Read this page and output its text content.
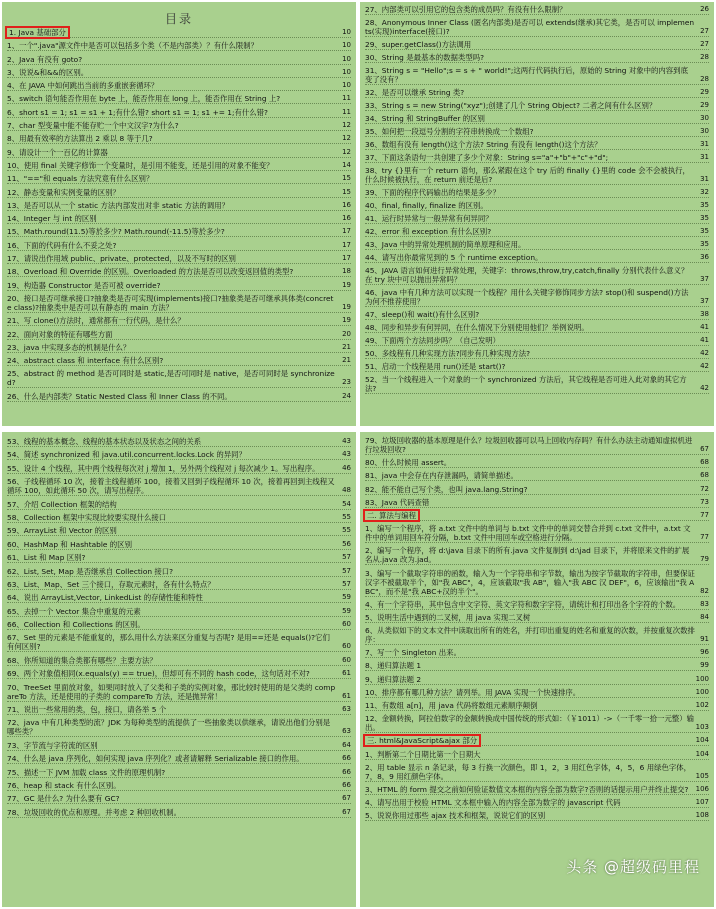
目录
1. Java 基础部分	10
1、一个".java"源文件中是否可以包括多个类（不是内部类）？有什么限制？	10
2、Java 有没有 goto?	10
3、说说&和&&的区别。	10
4、在 JAVA 中如何跳出当前的多重嵌套循环？	10
5、switch 语句能否作用在 byte 上，能否作用在 long 上，能否作用在 String 上?	11
6、short s1 = 1; s1 = s1 + 1;有什么错? short s1 = 1; s1 += 1;有什么错?	11
7、char 型变量中能不能存贮一个中文汉字?为什么?	12
8、用最有效率的方法算出 2 乘以 8 等于几?	12
9、请设计一个一百亿的计算器	12
10、使用 final 关键字修饰一个变量时，是引用不能变，还是引用的对象不能变？	14
11、"=="和 equals 方法究竟有什么区别？	15
12、静态变量和实例变量的区别？	15
13、是否可以从一个 static 方法内部发出对非 static 方法的调用？	16
14、Integer 与 int 的区别	16
15、Math.round(11.5)等於多少? Math.round(-11.5)等於多少?	17
16、下面的代码有什么不妥之处?	17
17、请说出作用域 public、private、protected，以及不写时的区别	17
18、Overload 和 Override 的区别。Overloaded 的方法是否可以改变返回值的类型?	18
19、构造器 Constructor 是否可被 override?	19
20、接口是否可继承接口?抽象类是否可实现(implements)接口?抽象类是否可继承具体类(concrete class)?抽象类中是否可以有静态的 main 方法？	19
21、写 clone()方法时，通常都有一行代码，是什么？	19
22、面向对象的特征有哪些方面	20
23、java 中实现多态的机制是什么？	21
24、abstract class 和 interface 有什么区别?	21
25、abstract 的 method 是否可同时是 static,是否可同时是 native，是否可同时是 synchronized?	23
26、什么是内部类？Static Nested Class 和 Inner Class 的不同。	24
27、内部类可以引用它的包含类的成员吗？有没有什么限制？	26
28、Anonymous Inner Class (匿名内部类)是否可以 extends(继承)其它类，是否可以 implements(实现)interface(接口)?	27
29、super.getClass()方法调用	27
30、String 是最基本的数据类型吗?	28
31、String s = "Hello";s = s + " world!";这两行代码执行后，原始的 String 对象中的内容到底变了没有？	28
32、是否可以继承 String 类?	29
33、String s = new String("xyz");创建了几个 String Object? 二者之间有什么区别？	29
34、String 和 StringBuffer 的区别	30
35、如何把一段逗号分割的字符串转换成一个数组?	30
36、数组有没有 length()这个方法? String 有没有 length()这个方法？	31
37、下面这条语句一共创建了多少个对象：String s="a"+"b"+"c"+"d";	31
38、try {}里有一个 return 语句，那么紧跟在这个 try 后的 finally {}里的 code 会不会被执行，什么时候被执行，在 return 前还是后?	31
39、下面的程序代码输出的结果是多少？	32
40、final, finally, finalize 的区别。	35
41、运行时异常与一般异常有何异同？	35
42、error 和 exception 有什么区别?	35
43、Java 中的异常处理机制的简单原理和应用。	35
44、请写出你最常见到的 5 个 runtime exception。	36
45、JAVA 语言如何进行异常处理，关键字：throws,throw,try,catch,finally 分别代表什么意义？在 try 块中可以抛出异常吗？	37
46、java 中有几种方法可以实现一个线程？用什么关键字修饰同步方法? stop()和 suspend()方法为何不推荐使用？	37
47、sleep()和 wait()有什么区别?	38
48、同步和异步有何异同，在什么情况下分别使用他们？举例说明。	41
49、下面两个方法同步吗？（自己发明）	41
50、多线程有几种实现方法?同步有几种实现方法?	42
51、启动一个线程是用 run()还是 start()?	42
52、当一个线程进入一个对象的一个 synchronized 方法后，其它线程是否可进入此对象的其它方法?	42
53、线程的基本概念、线程的基本状态以及状态之间的关系	43
54、简述 synchronized 和 java.util.concurrent.locks.Lock 的异同？	43
55、设计 4 个线程，其中两个线程每次对 j 增加 1，另外两个线程对 j 每次减少 1。写出程序。	46
56、子线程循环 10 次，接着主线程循环 100，接着又回到子线程循环 10 次，接着再回到主线程又循环 100，如此循环 50 次，请写出程序。	48
57、介绍 Collection 框架的结构	54
58、Collection 框架中实现比较要实现什么接口	55
59、ArrayList 和 Vector 的区别	55
60、HashMap 和 Hashtable 的区别	56
61、List 和 Map 区别?	57
62、List, Set, Map 是否继承自 Collection 接口?	57
63、List、Map、Set 三个接口，存取元素时，各有什么特点？	57
64、说出 ArrayList,Vector, LinkedList 的存储性能和特性	59
65、去掉一个 Vector 集合中重复的元素	59
66、Collection 和 Collections 的区别。	60
67、Set 里的元素是不能重复的，那么用什么方法来区分重复与否呢? 是用==还是 equals()?它们有何区别?	60
68、你所知道的集合类都有哪些？主要方法？	60
69、两个对象值相同(x.equals(y) == true)，但却可有不同的 hash code，这句话对不对?	61
70、TreeSet 里面放对象，如果同时放入了父类和子类的实例对象，那比较时使用的是父类的 compareTo 方法，还是使用的子类的 compareTo 方法，还是抛异常！	61
71、说出一些常用的类，包，接口，请各举 5 个	63
72、java 中有几种类型的流？JDK 为每种类型的流提供了一些抽象类以供继承，请说出他们分别是哪些类？	63
73、字节流与字符流的区别	64
74、什么是 java 序列化，如何实现 java 序列化？或者请解释 Serializable 接口的作用。	66
75、描述一下 JVM 加载 class 文件的原理机制?	66
76、heap 和 stack 有什么区别。	66
77、GC 是什么? 为什么要有 GC?	67
78、垃圾回收的优点和原理。并考虑 2 种回收机制。	67
79、垃圾回收器的基本原理是什么？垃圾回收器可以马上回收内存吗？有什么办法主动通知虚拟机进行垃圾回收?	67
80、什么时候用 assert。	68
81、java 中会存在内存泄漏吗，请简单描述。	68
82、能不能自己写个类，也叫 java.lang.String?	72
83、Java 代码查错	73
二. 算法与编程	77
1、编写一个程序，将 a.txt 文件中的单词与 b.txt 文件中的单词交替合并到 c.txt 文件中，a.txt 文件中的单词用回车符分隔，b.txt 文件中用回车或空格进行分隔。	77
2、编写一个程序，将 d:\java 目录下的所有.java 文件复制到 d:\jad 目录下，并将原来文件的扩展名从.java 改为.jad。	79
3、编写一个截取字符串的函数，输入为一个字符串和字节数，输出为按字节截取的字符串，但要保证汉字不被截取半个，如"我 ABC"，4，应该截取"我 AB"，输入"我 ABC 汉 DEF"，6，应该输出"我 ABC"，而不是"我 ABC+汉的半个"。	82
4、有一个字符串，其中包含中文字符、英文字符和数字字符，请统计和打印出各个字符的个数。	83
5、说明生活中遇到的二叉树，用 java 实现二叉树	84
6、从类似如下的文本文件中读取出所有的姓名，并打印出重复的姓名和重复的次数，并按重复次数排序：	91
7、写一个 Singleton 出来。	96
8、递归算法题 1	99
9、递归算法题 2	100
10、排序都有哪几种方法？请列举。用 JAVA 实现一个快速排序。	100
11、有数组 a[n]，用 java 代码将数组元素顺序颠倒	102
12、金额转换，阿拉伯数字的金额转换成中国传统的形式如：（￥1011）->（一千零一拾一元整）输出。	103
三. html&JavaScript&ajax 部分	104
1、判断第二个日期比第一个日期大	104
2、用 table 显示 n 条记录，每 3 行换一次颜色，即 1，2，3 用红色字体，4，5，6 用绿色字体，7，8，9 用红颜色字体。	105
3、HTML 的 form 提交之前如何验证数值文本框的内容全部为数字?否则的话提示用户并终止提交? 106
4、请写出用于校验 HTML 文本框中输入的内容全部为数字的 javascript 代码	107
5、说说你用过那些 ajax 技术和框架，说说它们的区别	108
头条 @超级码里程
